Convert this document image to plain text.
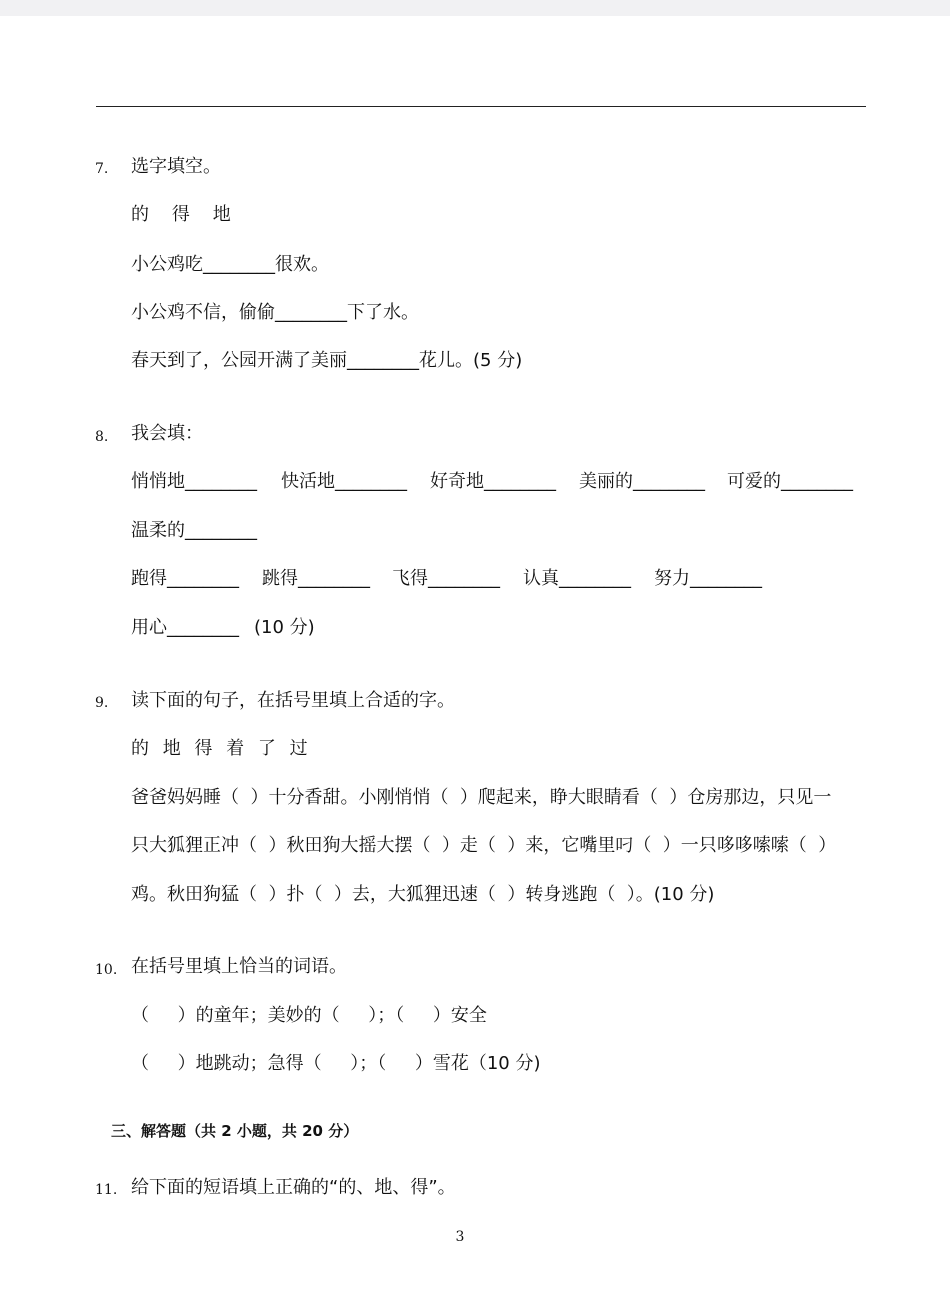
7. 选字填空。
的    得    地
小公鸡吃________很欢。
小公鸡不信，偷偷________下了水。
春天到了，公园开满了美丽________花儿。(5 分)
8. 我会填：
悄悄地________ 快活地________ 好奇地________ 美丽的________ 可爱的________
温柔的________
跑得________ 跳得________ 飞得________ 认真________ 努力________
用心________ (10 分)
9. 读下面的句子，在括号里填上合适的字。
的 地 得 着 了 过
爸爸妈妈睡（  ）十分香甜。小刚悄悄（  ）爬起来，睁大眼睛看（  ）仓房那边，只见一
只大狐狸正冲（  ）秋田狗大摇大摆（  ）走（  ）来，它嘴里叼（  ）一只哆哆嗦嗦（  ）
鸡。秋田狗猛（  ）扑（  ）去，大狐狸迅速（  ）转身逃跑（  ）。(10 分)
10. 在括号里填上恰当的词语。
（     ）的童年；美妙的（     ）；（     ）安全
（     ）地跳动；急得（     ）；（     ）雪花（10 分)
三、解答题（共 2 小题，共 20 分）
11. 给下面的短语填上正确的“的、地、得”。
3
